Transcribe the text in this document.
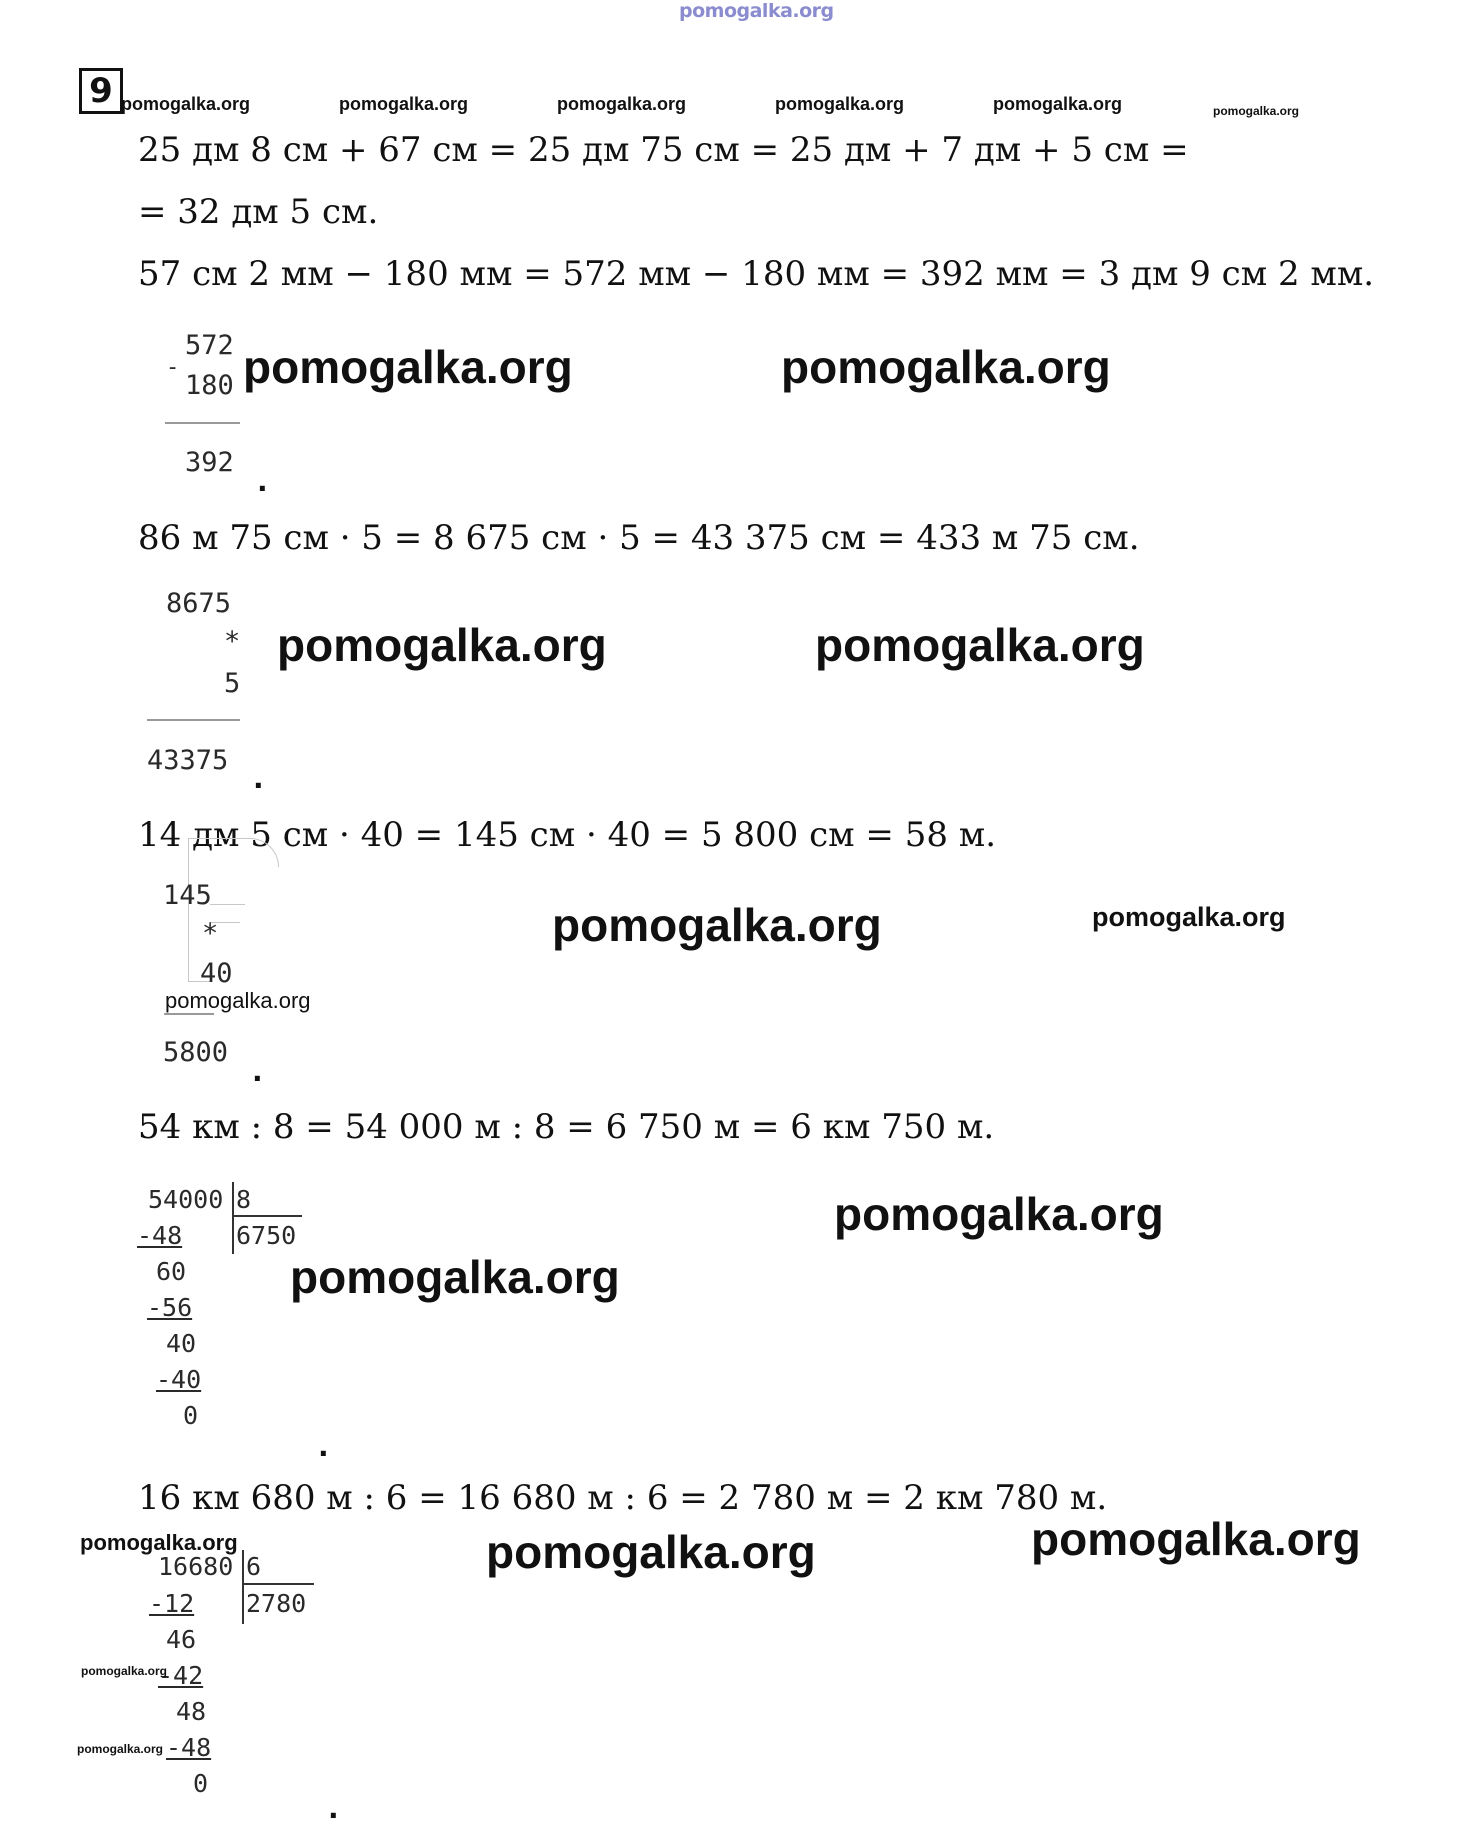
pomogalka.org
9 pomogalka.org	pomogalka.org	pomogalka.org	pomogalka.org	pomogalka.org	pomogalka.org
25 дм 8 см + 67 см = 25 дм 75 см = 25 дм + 7 дм + 5 см =
= 32 дм 5 см.
57 см 2 мм − 180 мм = 572 мм − 180 мм = 392 мм = 3 дм 9 см 2 мм.
-
572
180
392
.
pomogalka.org	pomogalka.org
86 м 75 см · 5 = 8 675 см · 5 = 43 375 см = 433 м 75 см.
8675
*
5
43375
.
pomogalka.org	pomogalka.org
14 дм 5 см · 40 = 145 см · 40 = 5 800 см = 58 м.
145
*
40
5800
.
pomogalka.org	pomogalka.org
pomogalka.org
54 км : 8 = 54 000 м : 8 = 6 750 м = 6 км 750 м.
54000 8
6750
-48
60
-56
40
-40
0
.
pomogalka.org
pomogalka.org
16 км 680 м : 6 = 16 680 м : 6 = 2 780 м = 2 км 780 м.
16680 6
2780
-12
46
-42
48
-48
0
.
pomogalka.org	pomogalka.org	pomogalka.org
pomogalka.org
pomogalka.org
